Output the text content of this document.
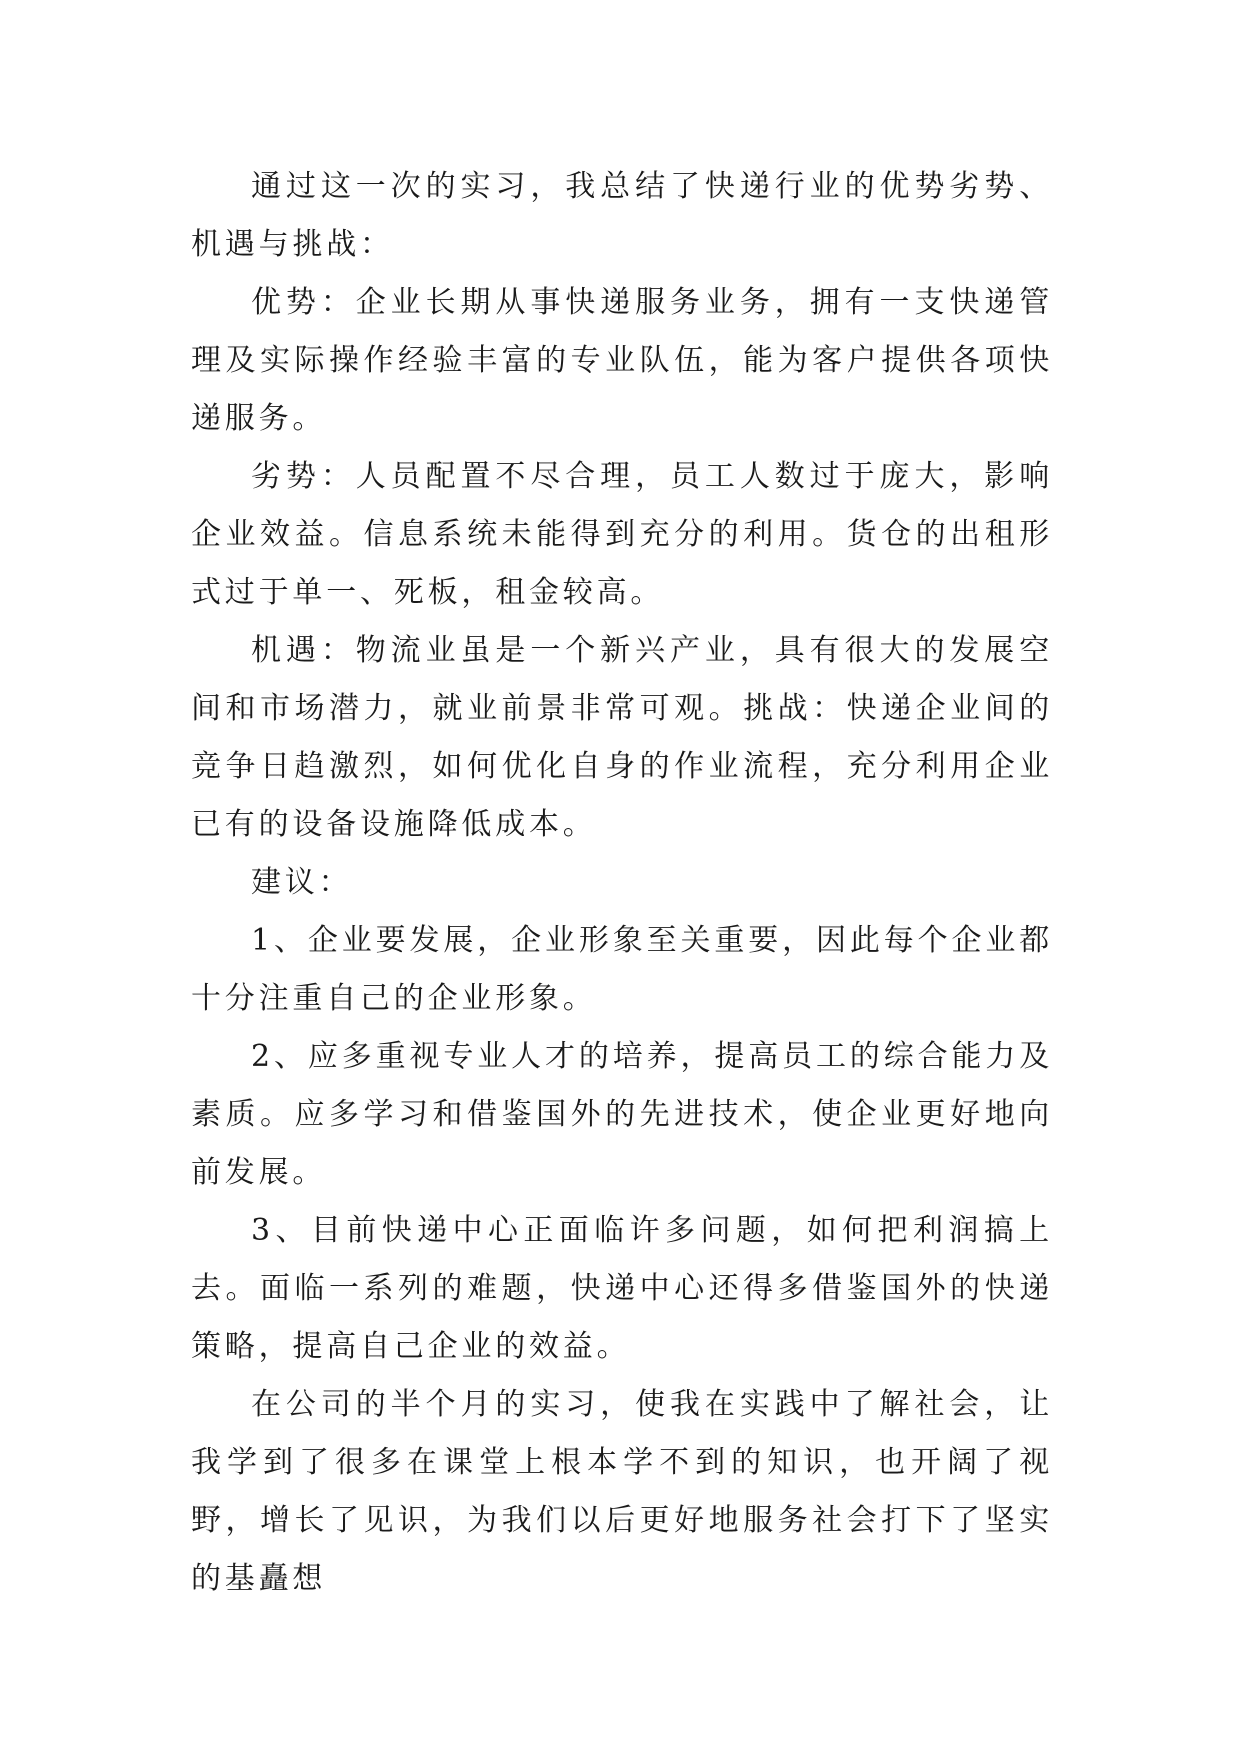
通过这一次的实习，我总结了快递行业的优势劣势、机遇与挑战：

优势：企业长期从事快递服务业务，拥有一支快递管理及实际操作经验丰富的专业队伍，能为客户提供各项快递服务。

劣势：人员配置不尽合理，员工人数过于庞大，影响企业效益。信息系统未能得到充分的利用。货仓的出租形式过于单一、死板，租金较高。

机遇：物流业虽是一个新兴产业，具有很大的发展空间和市场潜力，就业前景非常可观。挑战：快递企业间的竞争日趋激烈，如何优化自身的作业流程，充分利用企业已有的设备设施降低成本。

建议：

1、企业要发展，企业形象至关重要，因此每个企业都十分注重自己的企业形象。

2、应多重视专业人才的培养，提高员工的综合能力及素质。应多学习和借鉴国外的先进技术，使企业更好地向前发展。

3、目前快递中心正面临许多问题，如何把利润搞上去。面临一系列的难题，快递中心还得多借鉴国外的快递策略，提高自己企业的效益。

在公司的半个月的实习，使我在实践中了解社会，让我学到了很多在课堂上根本学不到的知识，也开阔了视野，增长了见识，为我们以后更好地服务社会打下了坚实的基矗想
